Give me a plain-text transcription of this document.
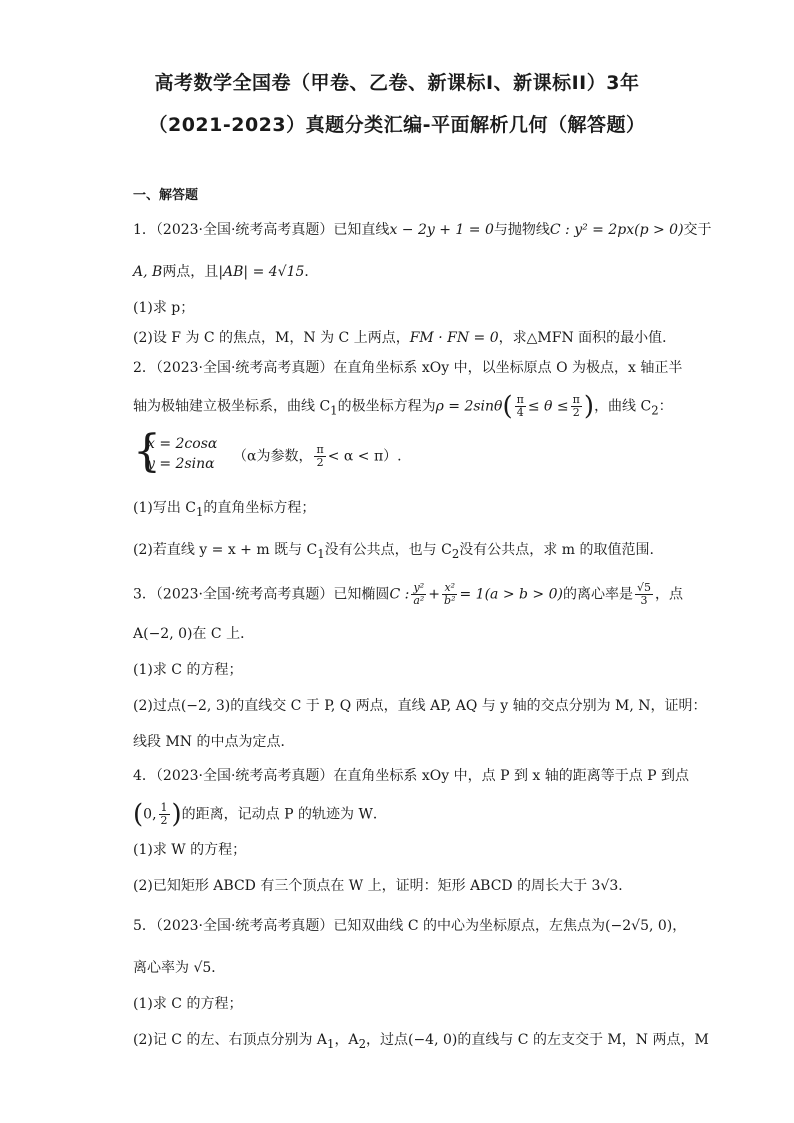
高考数学全国卷（甲卷、乙卷、新课标I、新课标II）3年
（2021-2023）真题分类汇编-平面解析几何（解答题）
一、解答题
1．（2023·全国·统考高考真题）已知直线x − 2y + 1 = 0与抛物线C : y² = 2px(p > 0)交于
A, B两点，且|AB| = 4√15．
(1)求 p；
(2)设 F 为 C 的焦点，M，N 为 C 上两点，FM · FN = 0，求△MFN 面积的最小值．
2．（2023·全国·统考高考真题）在直角坐标系 xOy 中，以坐标原点 O 为极点，x 轴正半
轴为极轴建立极坐标系，曲线 $C_1$的极坐标方程为$\rho = 2\sin\theta( \frac{\pi}{4} \le \theta \le \frac{\pi}{2}$ )，曲线 $C_2$：
{
x = 2cosα
y = 2sinα （α为参数， $\frac{\pi}{2} < \alpha < \pi$）.
(1)写出 $C_1$的直角坐标方程；
(2)若直线 y = x + m 既与 $C_1$没有公共点，也与 $C_2$没有公共点，求 m 的取值范围.
3．（2023·全国·统考高考真题）已知椭圆C : $\frac{\text{y²}}{\text{a²}} + \frac{\text{x²}}{\text{b²}} = 1(a > b > 0)$的离心率是 $\frac{√5}{3}$ ，点
A(−2, 0)在 C 上．
(1)求 C 的方程；
(2)过点(−2, 3)的直线交 C 于 P, Q 两点，直线 AP, AQ 与 y 轴的交点分别为 M, N，证明：
线段 MN 的中点为定点．
4．（2023·全国·统考高考真题）在直角坐标系 xOy 中，点 P 到 x 轴的距离等于点 P 到点
(0, $\frac{1}{2}$ )的距离，记动点 P 的轨迹为 W．
(1)求 W 的方程；
(2)已知矩形 ABCD 有三个顶点在 W 上，证明：矩形 ABCD 的周长大于 3√3．
5．（2023·全国·统考高考真题）已知双曲线 C 的中心为坐标原点，左焦点为(−2√5, 0)，
离心率为 √5．
(1)求 C 的方程；
(2)记 C 的左、右顶点分别为 $A_1$，$A_2$，过点(−4, 0)的直线与 C 的左支交于 M，N 两点，M
